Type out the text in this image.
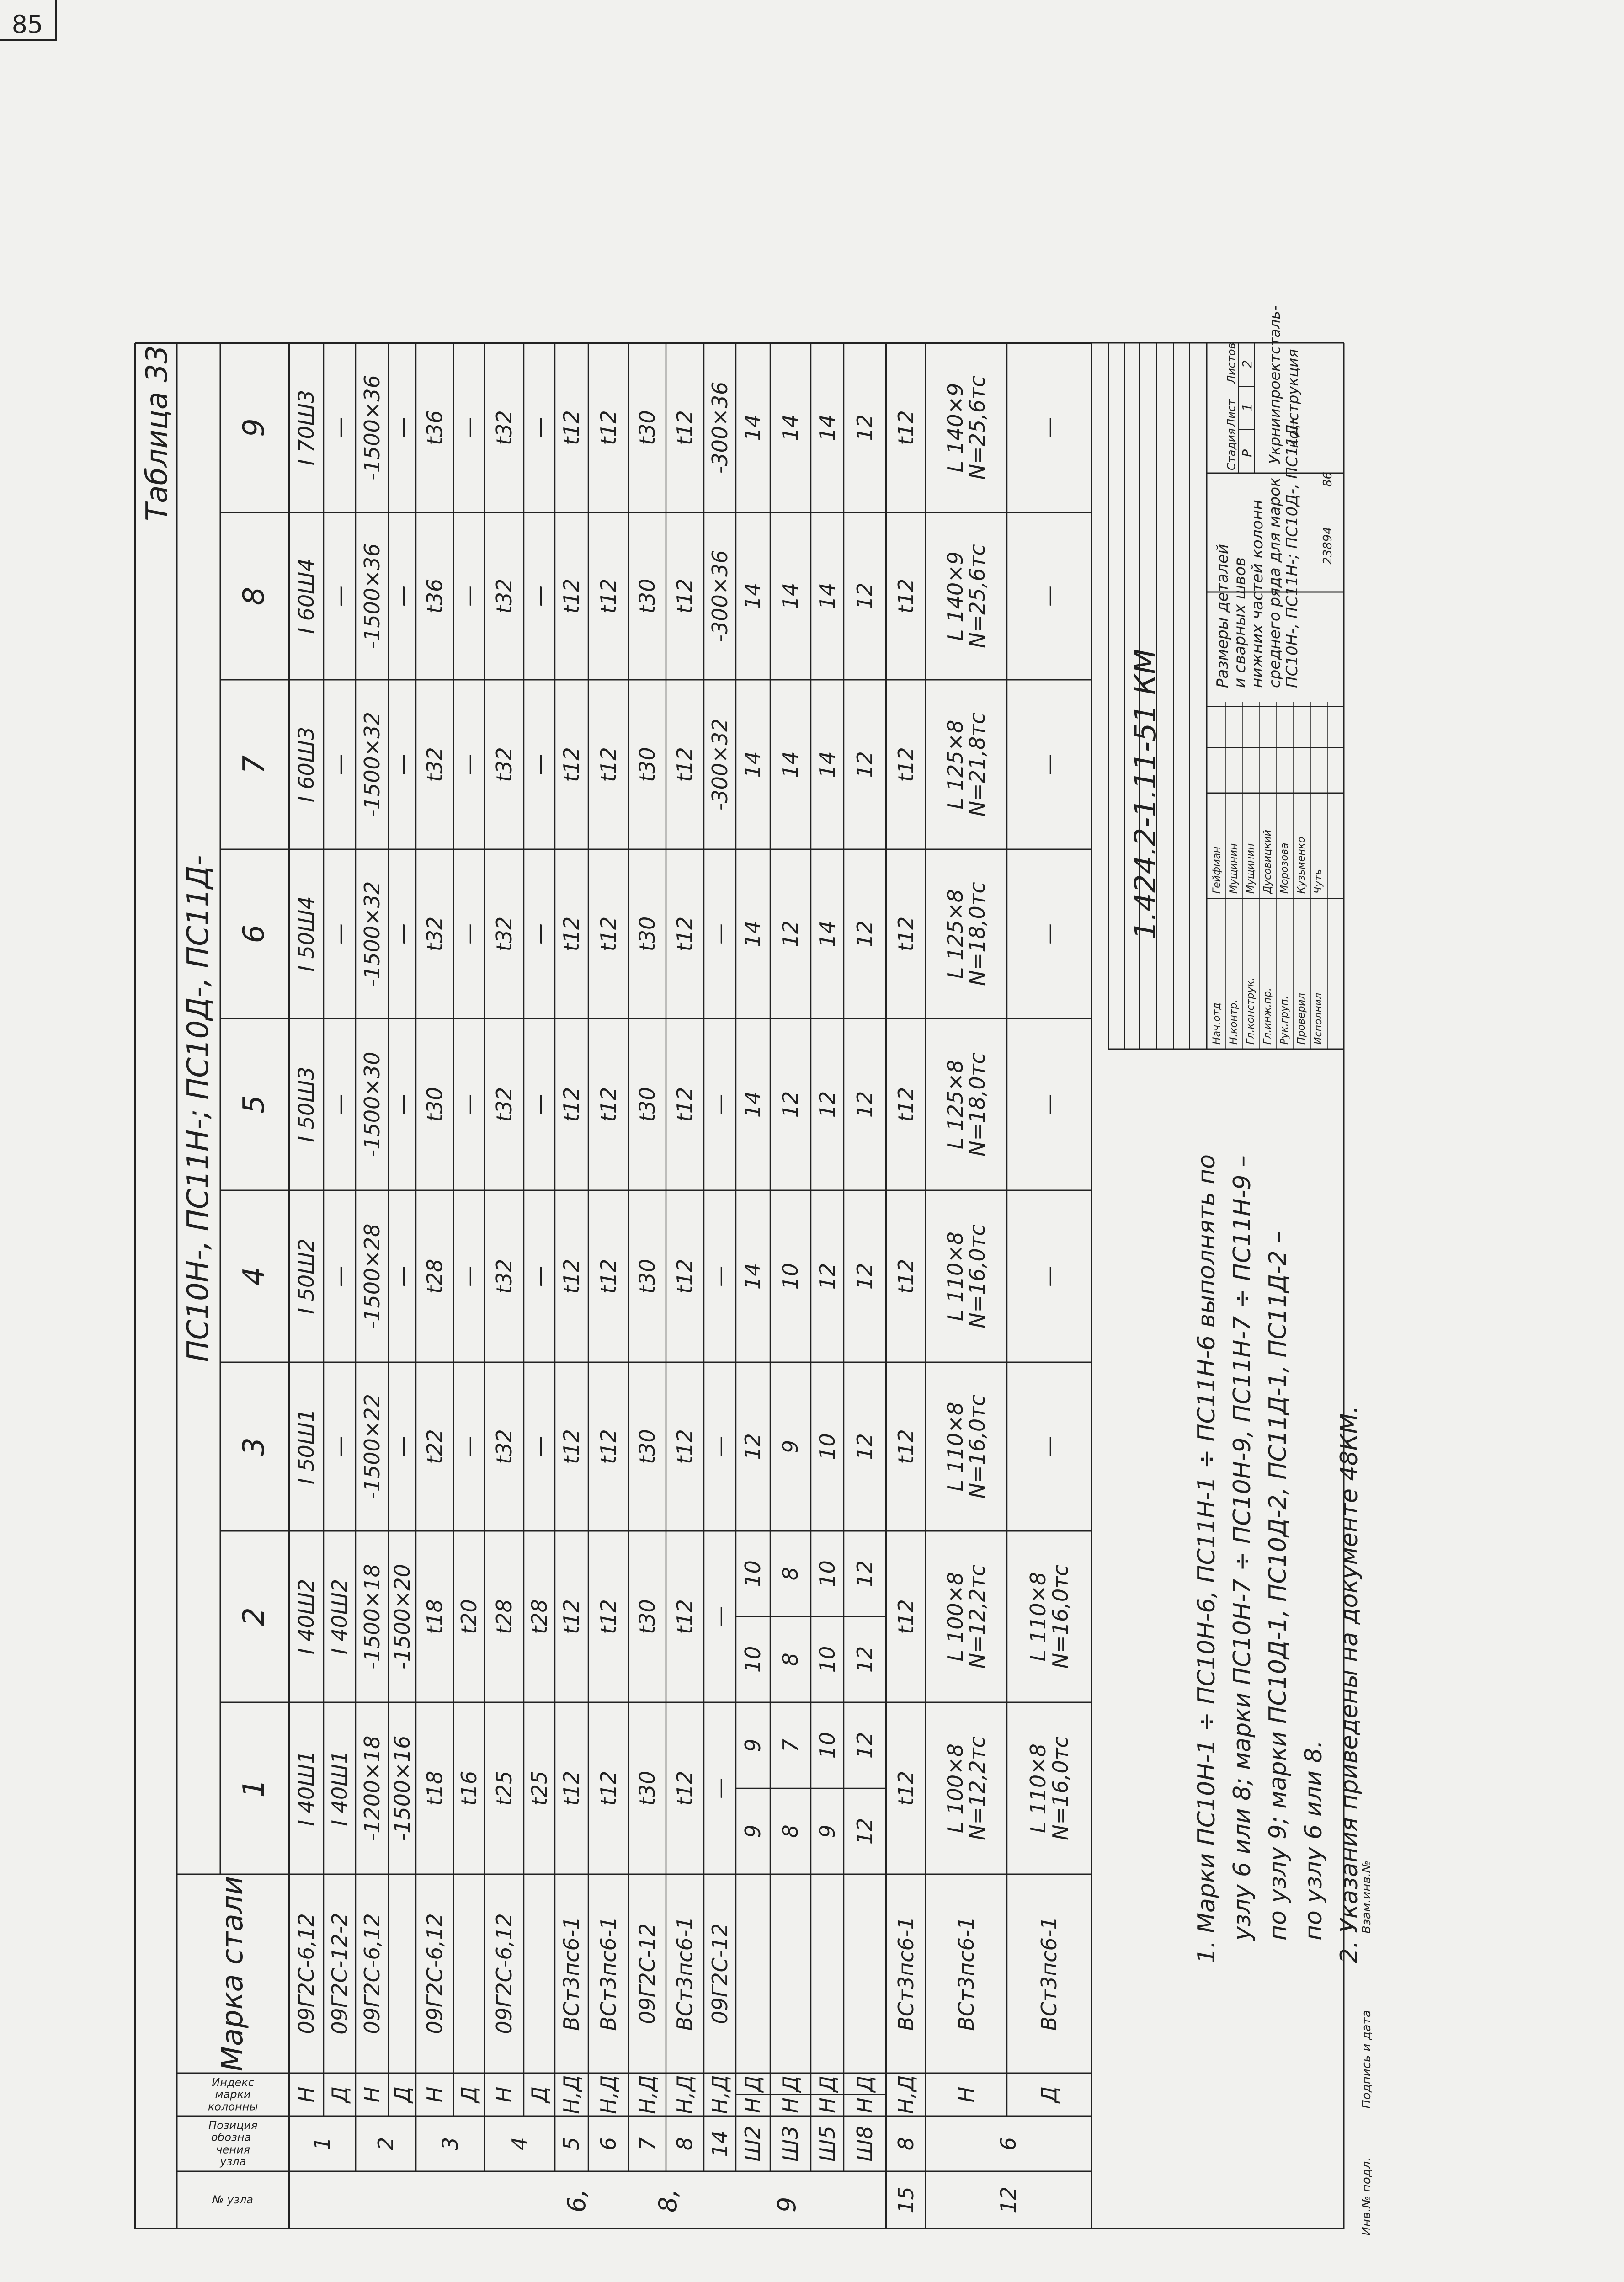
Таблица 33
ПС10Н-, ПС11Н-; ПС10Д-, ПС11Д-
№ узла
Позиция обозна-чения узла
Индекс марки колонны
Марка стали
1
2
3
4
5
6
7
8
9
1
Н
09Г2С-6,12
I 40Ш1
I 40Ш2
I 50Ш1
I 50Ш2
I 50Ш3
I 50Ш4
I 60Ш3
I 60Ш4
I 70Ш3
Д
09Г2С-12-2
I 40Ш1
I 40Ш2
—
—
—
—
—
—
—
2
Н
09Г2С-6,12
-1200×18
-1500×18
-1500×22
-1500×28
-1500×30
-1500×32
-1500×32
-1500×36
-1500×36
Д
-1500×16
-1500×20
—
—
—
—
—
—
—
3
Н
09Г2С-6,12
t18
t18
t22
t28
t30
t32
t32
t36
t36
Д
t16
t20
—
—
—
—
—
—
—
4
Н
09Г2С-6,12
t25
t28
t32
t32
t32
t32
t32
t32
t32
Д
t25
t28
—
—
—
—
—
—
—
5
Н,Д
ВСт3пс6-1
t12
t12
t12
t12
t12
t12
t12
t12
t12
6
Н,Д
ВСт3пс6-1
t12
t12
t12
t12
t12
t12
t12
t12
t12
7
Н,Д
09Г2С-12
t30
t30
t30
t30
t30
t30
t30
t30
t30
8
Н,Д
ВСт3пс6-1
t12
t12
t12
t12
t12
t12
t12
t12
t12
14
Н,Д
09Г2С-12
—
—
—
—
—
—
-300×32
-300×36
-300×36
6,	8,	9
Ш2
Н
Д
9
9
10
10
12
14
14
14
14
14
14
Ш3
Н
Д
8
7
8
8
9
10
12
12
14
14
14
Ш5
Н
Д
9
10
10
10
10
12
12
14
14
14
14
Ш8
Н
Д
12
12
12
12
12
12
12
12
12
12
12
15
8
Н,Д
ВСт3пс6-1
t12
t12
t12
t12
t12
t12
t12
t12
t12
12
6
Н
ВСт3пс6-1
L 100×8
N=12,2тс
L 100×8
N=12,2тс
L 110×8
N=16,0тс
L 110×8
N=16,0тс
L 125×8
N=18,0тс
L 125×8
N=18,0тс
L 125×8
N=21,8тс
L 140×9
N=25,6тс
L 140×9
N=25,6тс
Д
ВСт3пс6-1
L 110×8
N=16,0тс
L 110×8
N=16,0тс
—
—
—
—
—
—
—
1. Марки ПС10Н-1 ÷ ПС10Н-6, ПС11Н-1 ÷ ПС11Н-6 выполнять по узлу 6 или 8; марки ПС10Н-7 ÷ ПС10Н-9, ПС11Н-7 ÷ ПС11Н-9 – по узлу 9; марки ПС10Д-1, ПС10Д-2, ПС11Д-1, ПС11Д-2 – по узлу 6 или 8. 2. Указания приведены на документе 48КМ.
Инв.№ подл.
Подпись и дата
Взам.инв.№
Нач.отд
Гейфман
Н.контр.
Мущинин
Гл.конструк.
Мущинин
Гл.инж.пр.
Дусовицкий
Рук.груп.
Морозова
Проверил
Кузьменко
Исполнил
Чуть
1.424.2-1.11-51 КМ
Размеры деталей
и сварных швов
нижних частей колонн
среднего ряда для марок
ПС10Н-, ПС11Н-; ПС10Д-, ПС11Д-
Стадия
Лист
Листов
Р
1
2 Укрниипроектсталь- конструкция
23894
86
85
